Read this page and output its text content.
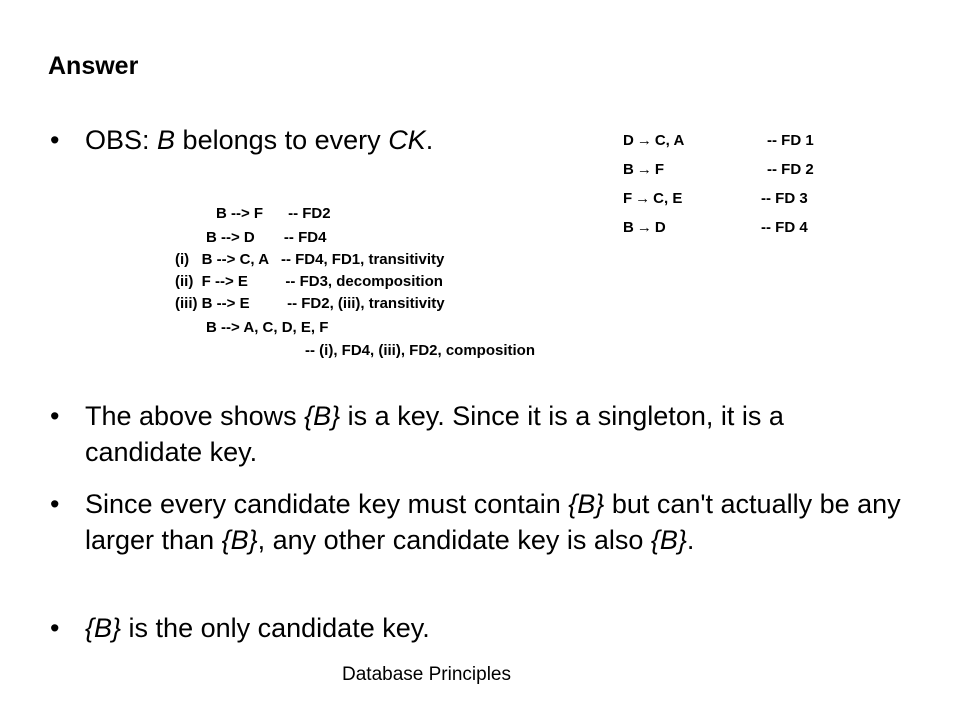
Answer
• OBS: B belongs to every CK.	D → C, A	-- FD 1
B → F	-- FD 2
F → C, E	-- FD 3
B → D	-- FD 4
B --> F      -- FD2
B --> D       -- FD4
(i)   B --> C, A   -- FD4, FD1, transitivity
(ii)  F --> E         -- FD3, decomposition
(iii) B --> E         -- FD2, (iii), transitivity
B --> A, C, D, E, F
-- (i), FD4, (iii), FD2, composition
• The above shows {B} is a key. Since it is a singleton, it is a candidate key.
• Since every candidate key must contain {B} but can't actually be any larger than {B}, any other candidate key is also {B}.
• {B} is the only candidate key.
Database Principles
